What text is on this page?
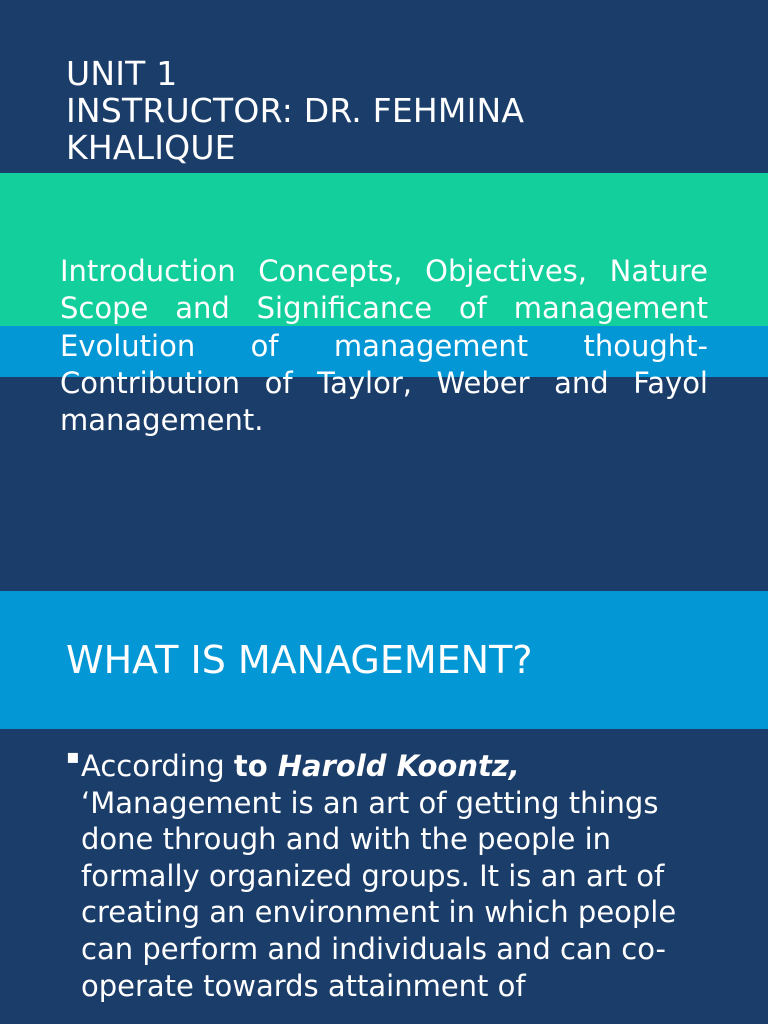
UNIT 1
INSTRUCTOR: DR. FEHMINA
KHALIQUE

Introduction Concepts, Objectives, Nature Scope and Significance of management Evolution of management thought- Contribution of Taylor, Weber and Fayol management.

WHAT IS MANAGEMENT?
▪ According to Harold Koontz, ‘Management is an art of getting things done through and with the people in formally organized groups. It is an art of creating an environment in which people can perform and individuals and can co-operate towards attainment of
